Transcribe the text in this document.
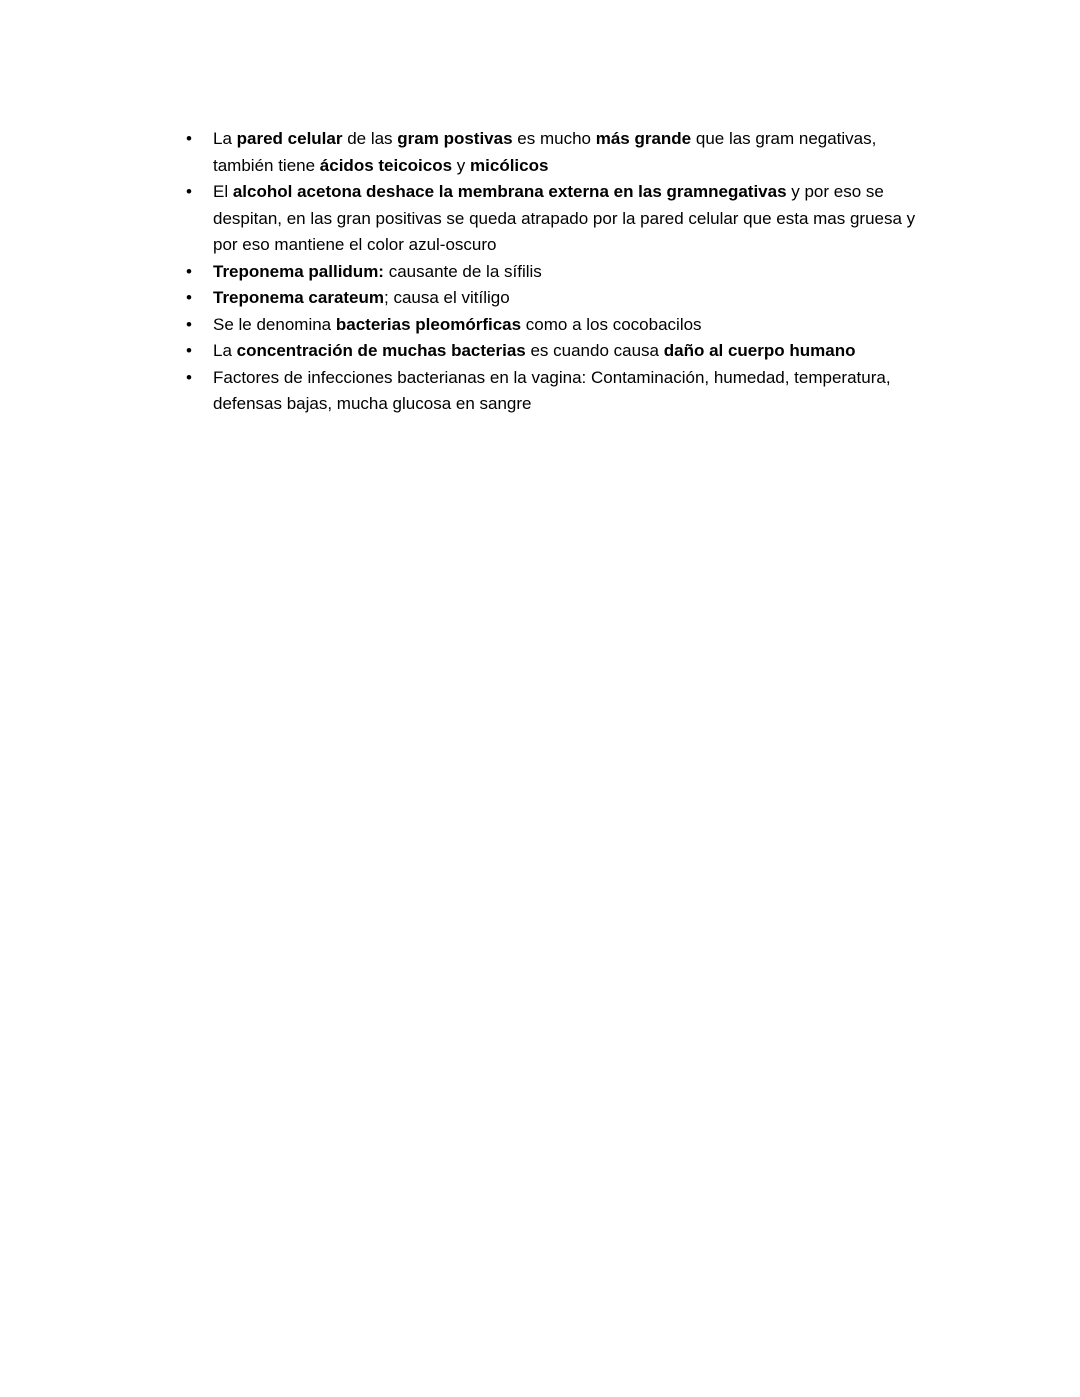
• La pared celular de las gram postivas es mucho más grande que las gram negativas, también tiene ácidos teicoicos y micólicos
• El alcohol acetona deshace la membrana externa en las gramnegativas y por eso se despitan, en las gran positivas se queda atrapado por la pared celular que esta mas gruesa y por eso mantiene el color azul-oscuro
• Treponema pallidum: causante de la sífilis
• Treponema carateum; causa el vitíligo
• Se le denomina bacterias pleomórficas como a los cocobacilos
• La concentración de muchas bacterias es cuando causa daño al cuerpo humano
• Factores de infecciones bacterianas en la vagina: Contaminación, humedad, temperatura, defensas bajas, mucha glucosa en sangre
